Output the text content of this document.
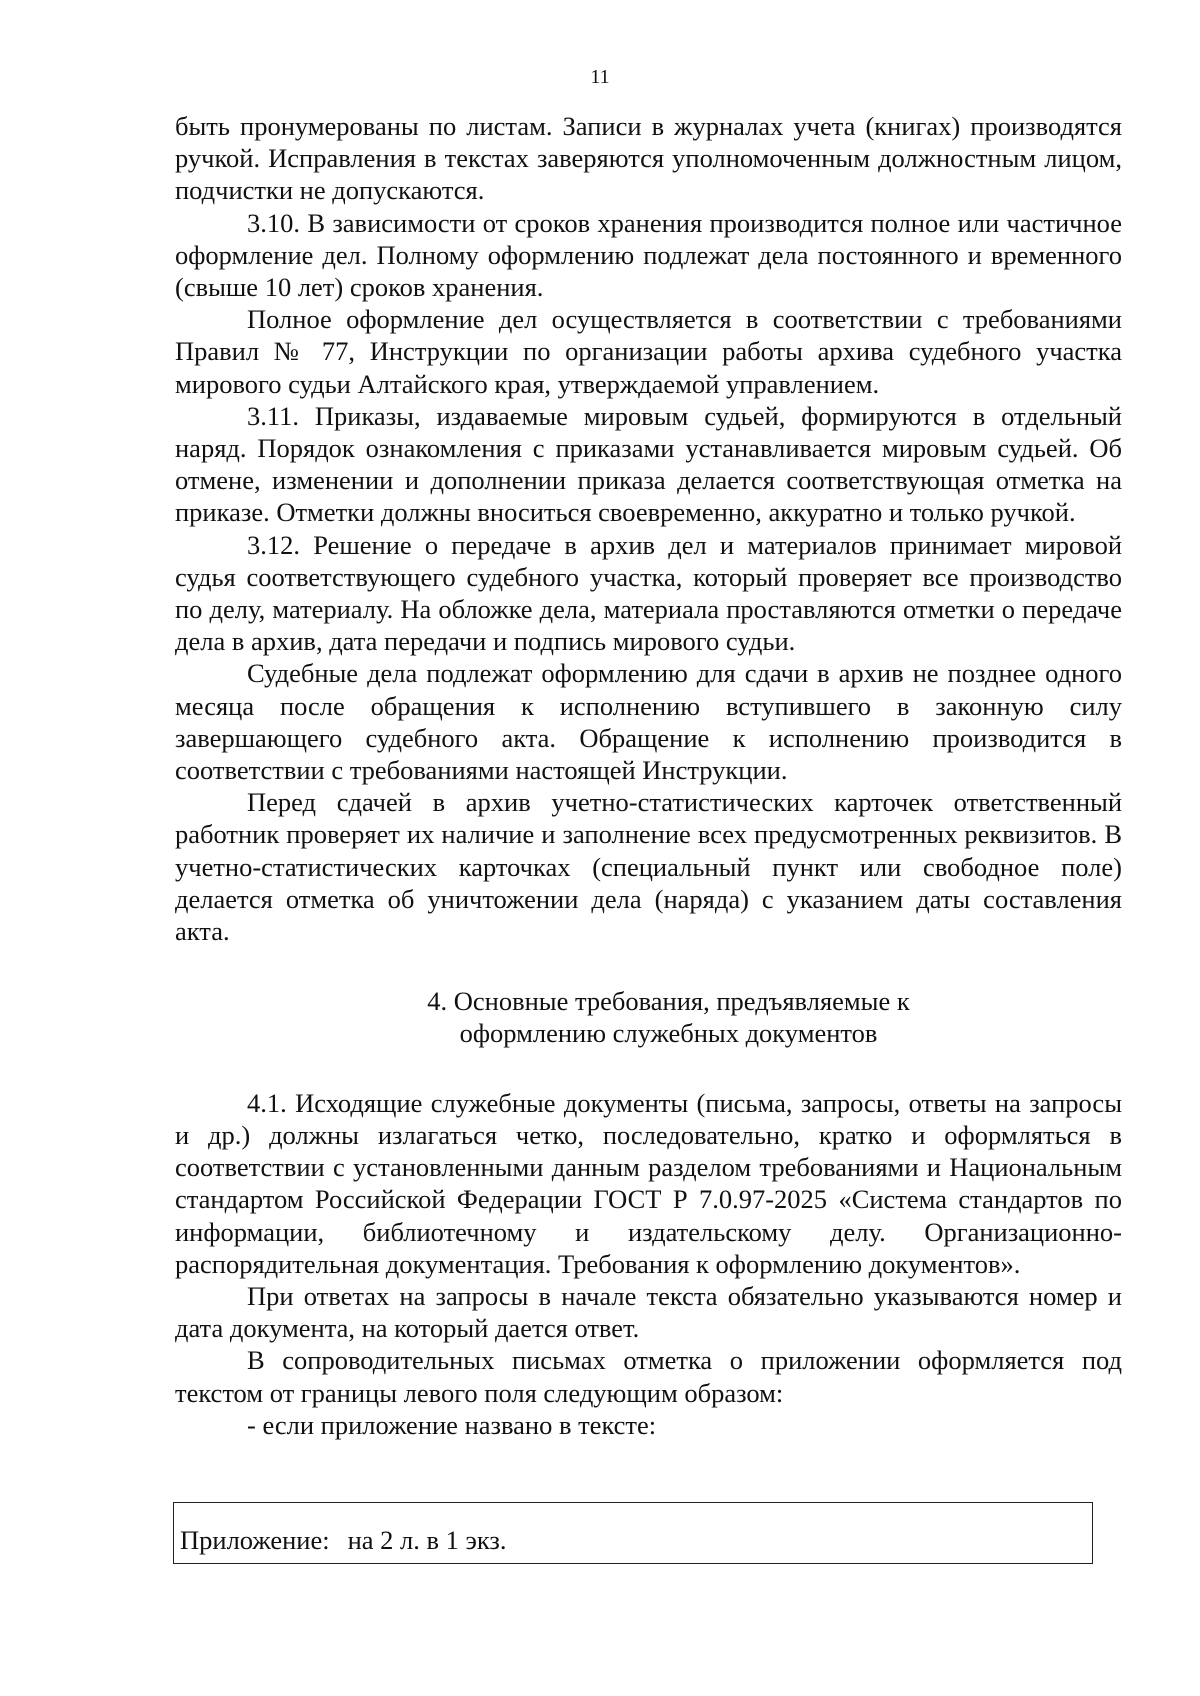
11

быть пронумерованы по листам. Записи в журналах учета (книгах) производятся ручкой. Исправления в текстах заверяются уполномоченным должностным лицом, подчистки не допускаются.

3.10. В зависимости от сроков хранения производится полное или частичное оформление дел. Полному оформлению подлежат дела постоянного и временного (свыше 10 лет) сроков хранения.

Полное оформление дел осуществляется в соответствии с требованиями Правил № 77, Инструкции по организации работы архива судебного участка мирового судьи Алтайского края, утверждаемой управлением.

3.11. Приказы, издаваемые мировым судьей, формируются в отдельный наряд. Порядок ознакомления с приказами устанавливается мировым судьей. Об отмене, изменении и дополнении приказа делается соответствующая отметка на приказе. Отметки должны вноситься своевременно, аккуратно и только ручкой.

3.12. Решение о передаче в архив дел и материалов принимает мировой судья соответствующего судебного участка, который проверяет все производство по делу, материалу. На обложке дела, материала проставляются отметки о передаче дела в архив, дата передачи и подпись мирового судьи.

Судебные дела подлежат оформлению для сдачи в архив не позднее одного месяца после обращения к исполнению вступившего в законную силу завершающего судебного акта. Обращение к исполнению производится в соответствии с требованиями настоящей Инструкции.

Перед сдачей в архив учетно-статистических карточек ответственный работник проверяет их наличие и заполнение всех предусмотренных реквизитов. В учетно-статистических карточках (специальный пункт или свободное поле) делается отметка об уничтожении дела (наряда) с указанием даты составления акта.

4. Основные требования, предъявляемые к
оформлению служебных документов

4.1. Исходящие служебные документы (письма, запросы, ответы на запросы и др.) должны излагаться четко, последовательно, кратко и оформляться в соответствии с установленными данным разделом требованиями и Национальным стандартом Российской Федерации ГОСТ Р 7.0.97-2025 «Система стандартов по информации, библиотечному и издательскому делу. Организационно-распорядительная документация. Требования к оформлению документов».

При ответах на запросы в начале текста обязательно указываются номер и дата документа, на который дается ответ.

В сопроводительных письмах отметка о приложении оформляется под текстом от границы левого поля следующим образом:

- если приложение названо в тексте:

Приложение: на 2 л. в 1 экз.
